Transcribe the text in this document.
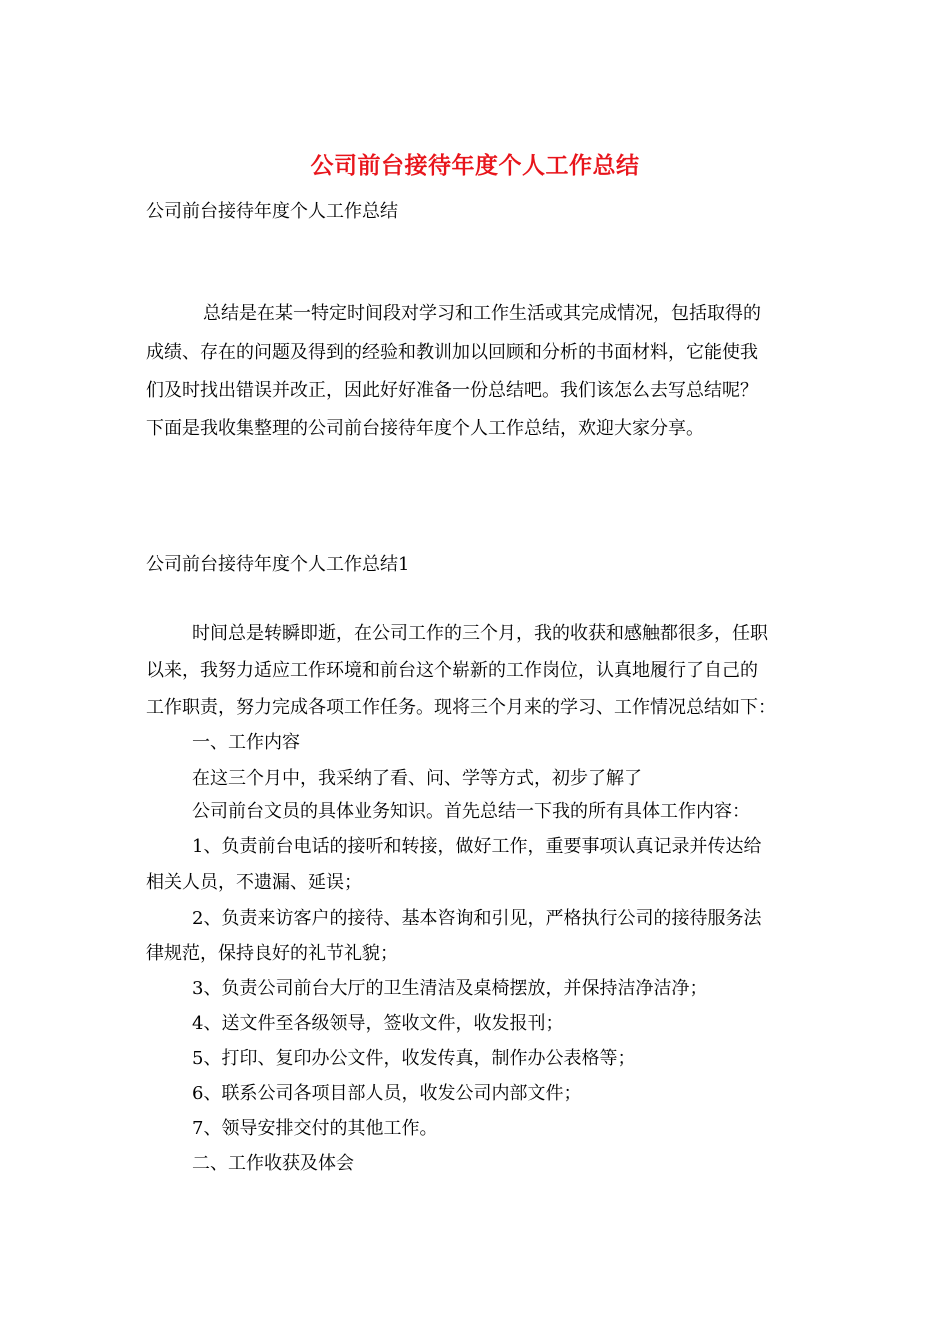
公司前台接待年度个人工作总结
公司前台接待年度个人工作总结
总结是在某一特定时间段对学习和工作生活或其完成情况，包括取得的
成绩、存在的问题及得到的经验和教训加以回顾和分析的书面材料，它能使我
们及时找出错误并改正，因此好好准备一份总结吧。我们该怎么去写总结呢？
下面是我收集整理的公司前台接待年度个人工作总结，欢迎大家分享。
公司前台接待年度个人工作总结1
时间总是转瞬即逝，在公司工作的三个月，我的收获和感触都很多，任职
以来，我努力适应工作环境和前台这个崭新的工作岗位，认真地履行了自己的
工作职责，努力完成各项工作任务。现将三个月来的学习、工作情况总结如下：
一、工作内容
在这三个月中，我采纳了看、问、学等方式，初步了解了
公司前台文员的具体业务知识。首先总结一下我的所有具体工作内容：
1、负责前台电话的接听和转接，做好工作，重要事项认真记录并传达给
相关人员，不遗漏、延误；
2、负责来访客户的接待、基本咨询和引见，严格执行公司的接待服务法
律规范，保持良好的礼节礼貌；
3、负责公司前台大厅的卫生清洁及桌椅摆放，并保持洁净洁净；
4、送文件至各级领导，签收文件，收发报刊；
5、打印、复印办公文件，收发传真，制作办公表格等；
6、联系公司各项目部人员，收发公司内部文件；
7、领导安排交付的其他工作。
二、工作收获及体会
